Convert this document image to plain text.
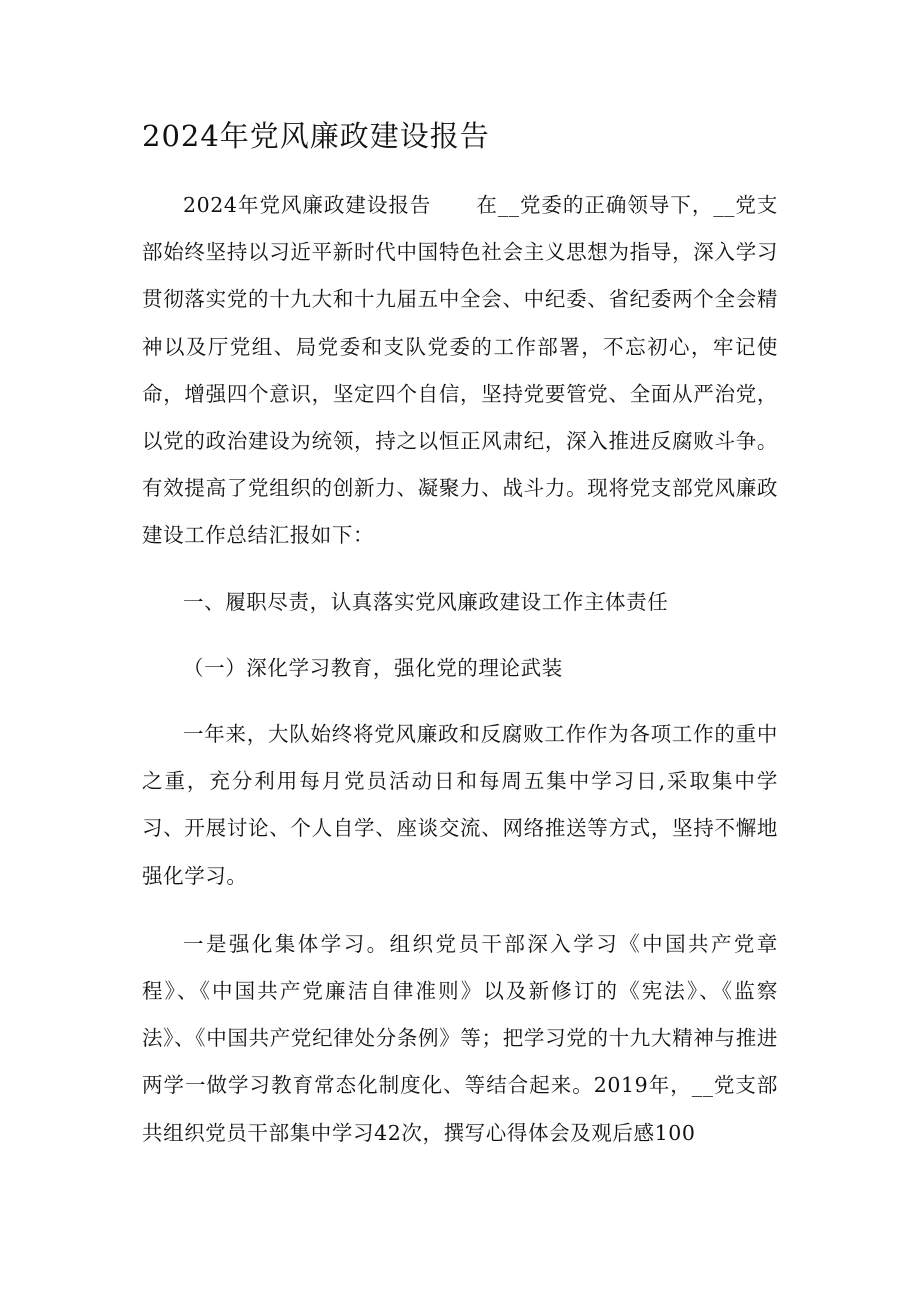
2024年党风廉政建设报告

2024年党风廉政建设报告 在__党委的正确领导下，__党支部始终坚持以习近平新时代中国特色社会主义思想为指导，深入学习贯彻落实党的十九大和十九届五中全会、中纪委、省纪委两个全会精神以及厅党组、局党委和支队党委的工作部署，不忘初心，牢记使命，增强四个意识，坚定四个自信，坚持党要管党、全面从严治党，以党的政治建设为统领，持之以恒正风肃纪，深入推进反腐败斗争。有效提高了党组织的创新力、凝聚力、战斗力。现将党支部党风廉政建设工作总结汇报如下：

一、履职尽责，认真落实党风廉政建设工作主体责任

（一）深化学习教育，强化党的理论武装

一年来，大队始终将党风廉政和反腐败工作作为各项工作的重中之重，充分利用每月党员活动日和每周五集中学习日,采取集中学习、开展讨论、个人自学、座谈交流、网络推送等方式，坚持不懈地强化学习。

一是强化集体学习。组织党员干部深入学习《中国共产党章程》、《中国共产党廉洁自律准则》以及新修订的《宪法》、《监察法》、《中国共产党纪律处分条例》等；把学习党的十九大精神与推进两学一做学习教育常态化制度化、等结合起来。2019年，__党支部共组织党员干部集中学习42次，撰写心得体会及观后感100
